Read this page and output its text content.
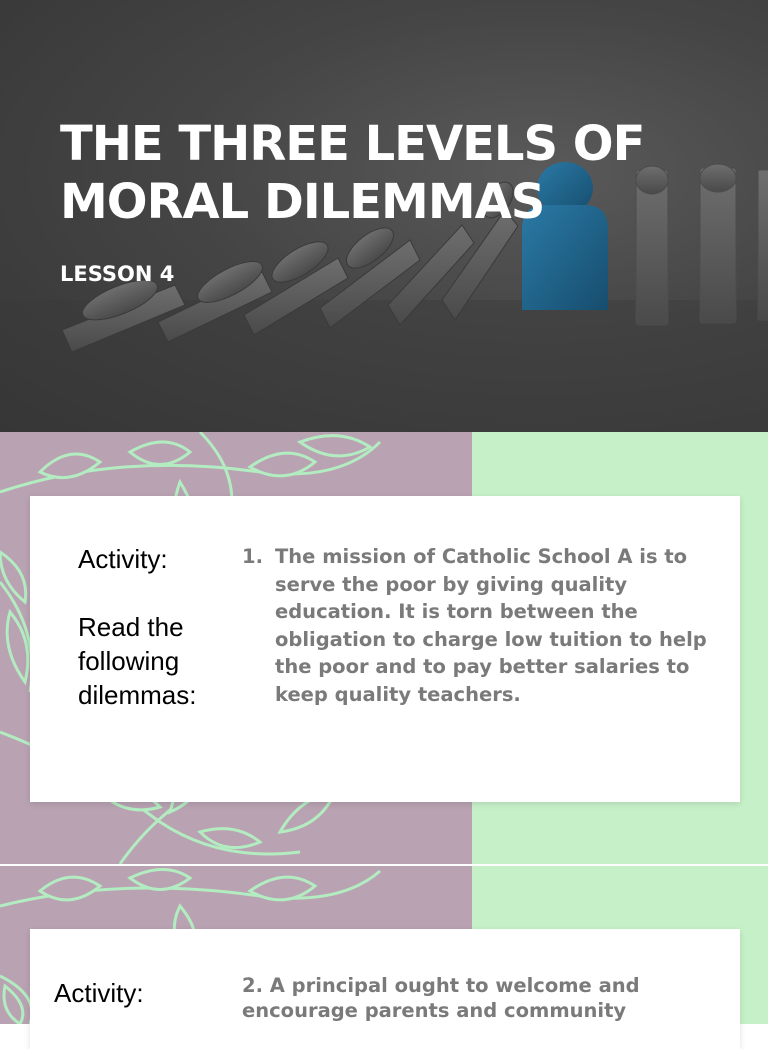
THE THREE LEVELS OF MORAL DILEMMAS

LESSON 4

Activity:

Read the following dilemmas:

1. The mission of Catholic School A is to serve the poor by giving quality education. It is torn between the obligation to charge low tuition to help the poor and to pay better salaries to keep quality teachers.

Activity:	2. A principal ought to welcome and encourage parents and community
